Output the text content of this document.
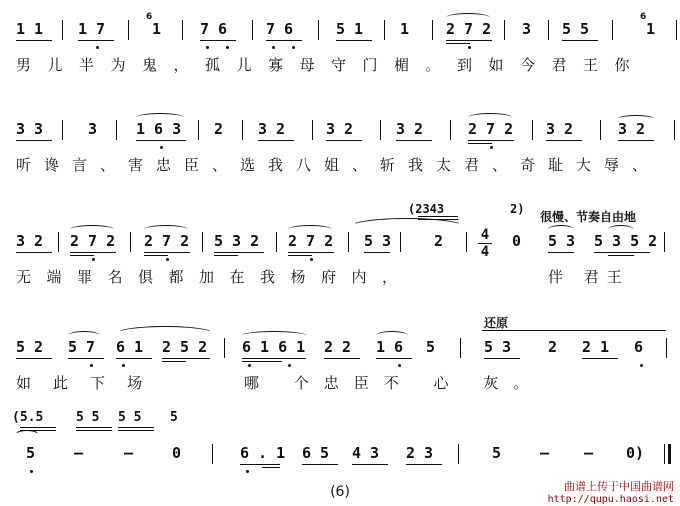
1 1 1 7
6
1	7 6	7 6	5 1 1 2 7 2 3 5 5
6
1
男儿半为鬼，孤儿寡母守门楣。到如今君王你
3 3	3	1 6 3 2 3 2	3 2	3 2	2 7 2 3 2	3 2
听谗言、害忠臣、选我八姐、斩我太君、奇耻大辱、
(2343	2)
很慢、节奏自由地
3 2 2 7 2 2 7 2 5 3 2 2 7 2 5 3	2	4
4
0 5 3 5 3 5 2
无端罪名俱都加在我杨府内，	伴 君王
还原
5 2 5 7 6 1 2 5 2 6 1 6 1 2 2 1 6 5	5 3 2 2 1 6
如此下场	哪 个忠臣不 心 灰。
(5.5	5 5 5 5 5
5	–	–	0	6 . 1 6 5 4 3 2 3	5	– – 0)
(6)	曲谱上传于中国曲谱网
http://qupu.haosi.net
